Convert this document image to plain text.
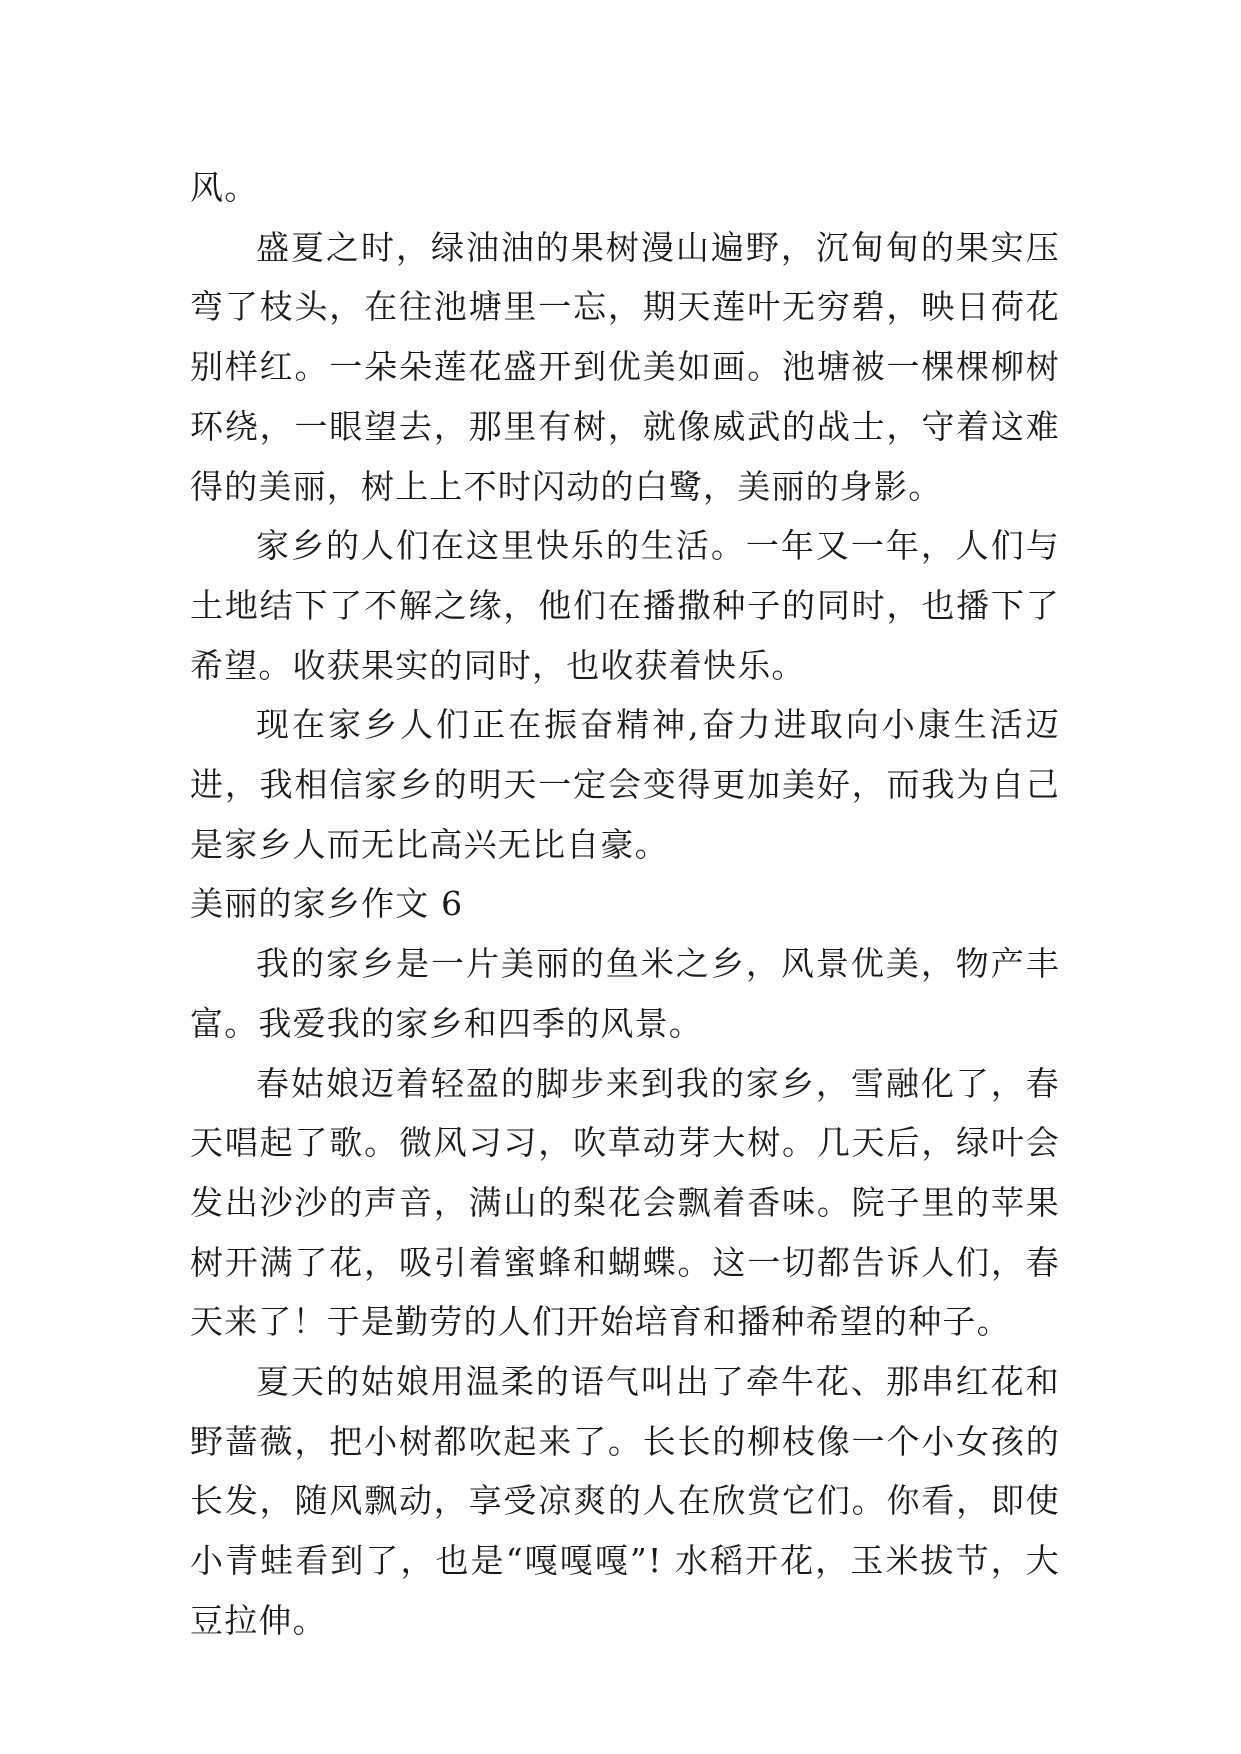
风。

盛夏之时，绿油油的果树漫山遍野，沉甸甸的果实压弯了枝头，在往池塘里一忘，期天莲叶无穷碧，映日荷花别样红。一朵朵莲花盛开到优美如画。池塘被一棵棵柳树环绕，一眼望去，那里有树，就像威武的战士，守着这难得的美丽，树上上不时闪动的白鹭，美丽的身影。

家乡的人们在这里快乐的生活。一年又一年，人们与土地结下了不解之缘，他们在播撒种子的同时，也播下了希望。收获果实的同时，也收获着快乐。

现在家乡人们正在振奋精神,奋力进取向小康生活迈进，我相信家乡的明天一定会变得更加美好，而我为自己是家乡人而无比高兴无比自豪。

美丽的家乡作文 6

我的家乡是一片美丽的鱼米之乡，风景优美，物产丰富。我爱我的家乡和四季的风景。

春姑娘迈着轻盈的脚步来到我的家乡，雪融化了，春天唱起了歌。微风习习，吹草动芽大树。几天后，绿叶会发出沙沙的声音，满山的梨花会飘着香味。院子里的苹果树开满了花，吸引着蜜蜂和蝴蝶。这一切都告诉人们，春天来了！于是勤劳的人们开始培育和播种希望的种子。

夏天的姑娘用温柔的语气叫出了牵牛花、那串红花和野蔷薇，把小树都吹起来了。长长的柳枝像一个小女孩的长发，随风飘动，享受凉爽的人在欣赏它们。你看，即使小青蛙看到了，也是“嘎嘎嘎”! 水稻开花，玉米拔节，大豆拉伸。
